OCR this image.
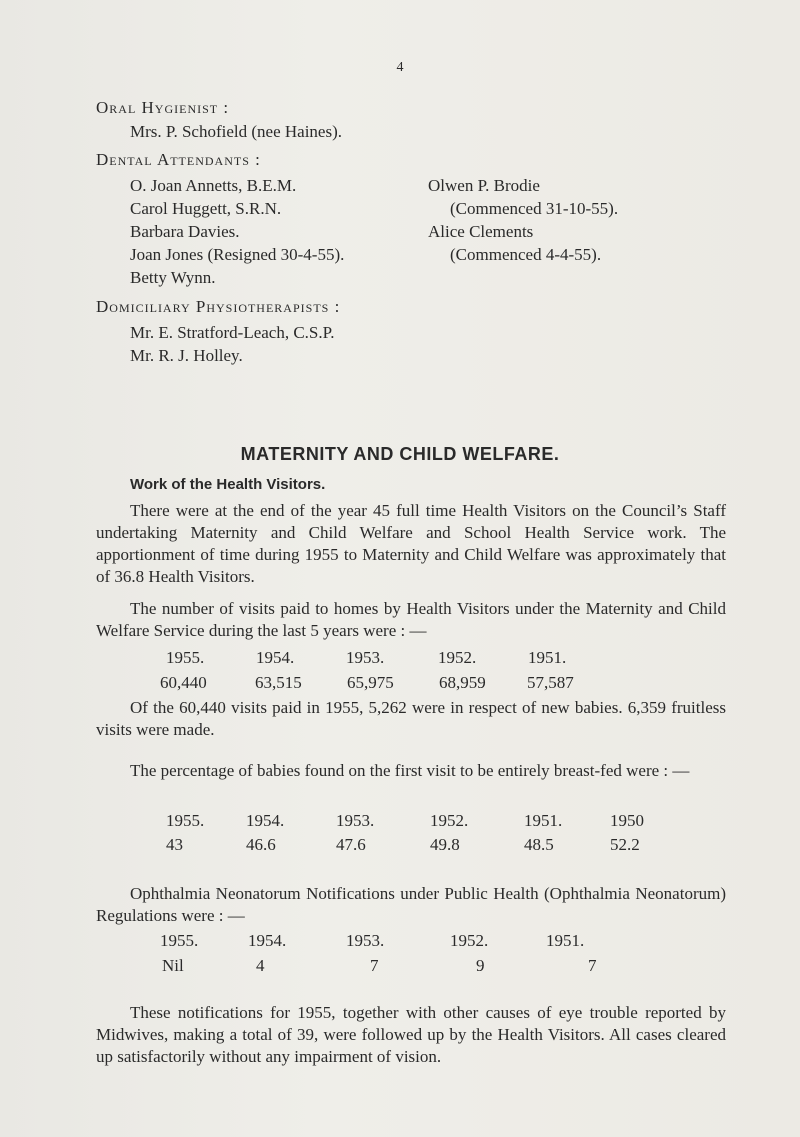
4
Oral Hygienist :
Mrs. P. Schofield (nee Haines).
Dental Attendants :
O. Joan Annetts, B.E.M.
Carol Huggett, S.R.N.
Barbara Davies.
Joan Jones (Resigned 30-4-55).
Betty Wynn.
Olwen P. Brodie
(Commenced 31-10-55).
Alice Clements
(Commenced 4-4-55).
Domiciliary Physiotherapists :
Mr. E. Stratford-Leach, C.S.P.
Mr. R. J. Holley.
MATERNITY AND CHILD WELFARE.
Work of the Health Visitors.
There were at the end of the year 45 full time Health Visitors on the Council’s Staff undertaking Maternity and Child Welfare and School Health Service work. The apportionment of time during 1955 to Maternity and Child Welfare was approximately that of 36.8 Health Visitors.
The number of visits paid to homes by Health Visitors under the Maternity and Child Welfare Service during the last 5 years were : —
1955.	1954.	1953.	1952.	1951.
60,440	63,515	65,975	68,959 57,587
Of the 60,440 visits paid in 1955, 5,262 were in respect of new babies. 6,359 fruitless visits were made.
The percentage of babies found on the first visit to be entirely breast-fed were : —
1955. 1954.	1953.	1952.	1951.	1950
43	46.6	47.6	49.8	48.5	52.2
Ophthalmia Neonatorum Notifications under Public Health (Ophthalmia Neonatorum) Regulations were : —
1955.	1954.	1953.	1952.	1951.
Nil	4	7	9	7
These notifications for 1955, together with other causes of eye trouble reported by Midwives, making a total of 39, were followed up by the Health Visitors. All cases cleared up satisfactorily without any impairment of vision.
